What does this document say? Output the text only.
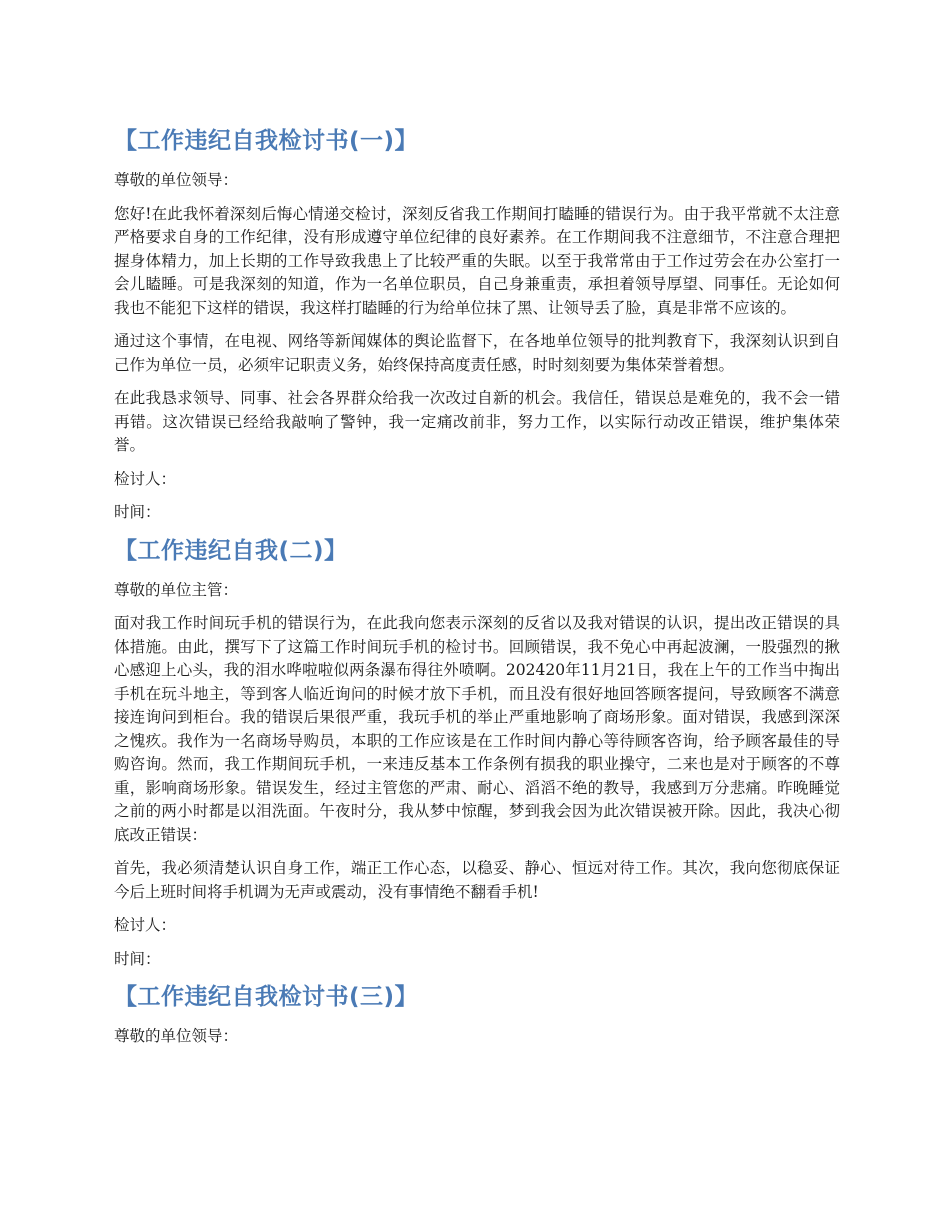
【工作违纪自我检讨书(一)】

尊敬的单位领导：

您好!在此我怀着深刻后悔心情递交检讨，深刻反省我工作期间打瞌睡的错误行为。由于我平常就不太注意严格要求自身的工作纪律，没有形成遵守单位纪律的良好素养。在工作期间我不注意细节，不注意合理把握身体精力，加上长期的工作导致我患上了比较严重的失眠。以至于我常常由于工作过劳会在办公室打一会儿瞌睡。可是我深刻的知道，作为一名单位职员，自己身兼重责，承担着领导厚望、同事任。无论如何我也不能犯下这样的错误，我这样打瞌睡的行为给单位抹了黑、让领导丢了脸，真是非常不应该的。

通过这个事情，在电视、网络等新闻媒体的舆论监督下，在各地单位领导的批判教育下，我深刻认识到自己作为单位一员，必须牢记职责义务，始终保持高度责任感，时时刻刻要为集体荣誉着想。

在此我恳求领导、同事、社会各界群众给我一次改过自新的机会。我信任，错误总是难免的，我不会一错再错。这次错误已经给我敲响了警钟，我一定痛改前非，努力工作，以实际行动改正错误，维护集体荣誉。

检讨人：

时间：

【工作违纪自我(二)】

尊敬的单位主管：

面对我工作时间玩手机的错误行为，在此我向您表示深刻的反省以及我对错误的认识，提出改正错误的具体措施。由此，撰写下了这篇工作时间玩手机的检讨书。回顾错误，我不免心中再起波澜，一股强烈的揪心感迎上心头，我的泪水哗啦啦似两条瀑布得往外喷啊。202420年11月21日，我在上午的工作当中掏出手机在玩斗地主，等到客人临近询问的时候才放下手机，而且没有很好地回答顾客提问，导致顾客不满意接连询问到柜台。我的错误后果很严重，我玩手机的举止严重地影响了商场形象。面对错误，我感到深深之愧疚。我作为一名商场导购员，本职的工作应该是在工作时间内静心等待顾客咨询，给予顾客最佳的导购咨询。然而，我工作期间玩手机，一来违反基本工作条例有损我的职业操守，二来也是对于顾客的不尊重，影响商场形象。错误发生，经过主管您的严肃、耐心、滔滔不绝的教导，我感到万分悲痛。昨晚睡觉之前的两小时都是以泪洗面。午夜时分，我从梦中惊醒，梦到我会因为此次错误被开除。因此，我决心彻底改正错误：

首先，我必须清楚认识自身工作，端正工作心态，以稳妥、静心、恒远对待工作。其次，我向您彻底保证今后上班时间将手机调为无声或震动，没有事情绝不翻看手机!

检讨人：

时间：

【工作违纪自我检讨书(三)】

尊敬的单位领导：
